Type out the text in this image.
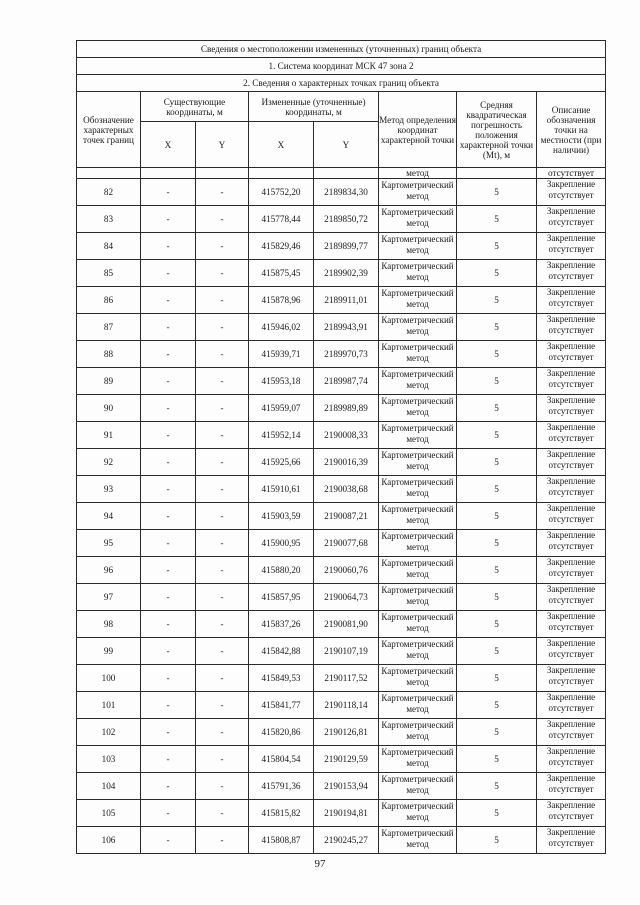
Сведения о местоположении измененных (уточненных) границ объекта							
1. Система координат МСК 47 зона 2							
2. Сведения о характерных точках границ объекта							
Обозначение характерных точек границ	Существующие координаты, м		Измененные (уточненные) координаты, м		Метод определения координат характерной точки	Средняя квадратическая погрешность положения характерной точки (Mt), м	Описание обозначения точки на местности (при наличии)
	X	Y	X	Y			
					метод		отсутствует
82	-	-	415752,20	2189834,30	Картометрический метод	5	Закрепление отсутствует
83	-	-	415778,44	2189850,72	Картометрический метод	5	Закрепление отсутствует
84	-	-	415829,46	2189899,77	Картометрический метод	5	Закрепление отсутствует
85	-	-	415875,45	2189902,39	Картометрический метод	5	Закрепление отсутствует
86	-	-	415878,96	2189911,01	Картометрический метод	5	Закрепление отсутствует
87	-	-	415946,02	2189943,91	Картометрический метод	5	Закрепление отсутствует
88	-	-	415939,71	2189970,73	Картометрический метод	5	Закрепление отсутствует
89	-	-	415953,18	2189987,74	Картометрический метод	5	Закрепление отсутствует
90	-	-	415959,07	2189989,89	Картометрический метод	5	Закрепление отсутствует
91	-	-	415952,14	2190008,33	Картометрический метод	5	Закрепление отсутствует
92	-	-	415925,66	2190016,39	Картометрический метод	5	Закрепление отсутствует
93	-	-	415910,61	2190038,68	Картометрический метод	5	Закрепление отсутствует
94	-	-	415903,59	2190087,21	Картометрический метод	5	Закрепление отсутствует
95	-	-	415900,95	2190077,68	Картометрический метод	5	Закрепление отсутствует
96	-	-	415880,20	2190060,76	Картометрический метод	5	Закрепление отсутствует
97	-	-	415857,95	2190064,73	Картометрический метод	5	Закрепление отсутствует
98	-	-	415837,26	2190081,90	Картометрический метод	5	Закрепление отсутствует
99	-	-	415842,88	2190107,19	Картометрический метод	5	Закрепление отсутствует
100	-	-	415849,53	2190117,52	Картометрический метод	5	Закрепление отсутствует
101	-	-	415841,77	2190118,14	Картометрический метод	5	Закрепление отсутствует
102	-	-	415820,86	2190126,81	Картометрический метод	5	Закрепление отсутствует
103	-	-	415804,54	2190129,59	Картометрический метод	5	Закрепление отсутствует
104	-	-	415791,36	2190153,94	Картометрический метод	5	Закрепление отсутствует
105	-	-	415815,82	2190194,81	Картометрический метод	5	Закрепление отсутствует
106	-	-	415808,87	2190245,27	Картометрический метод	5	Закрепление отсутствует
97
